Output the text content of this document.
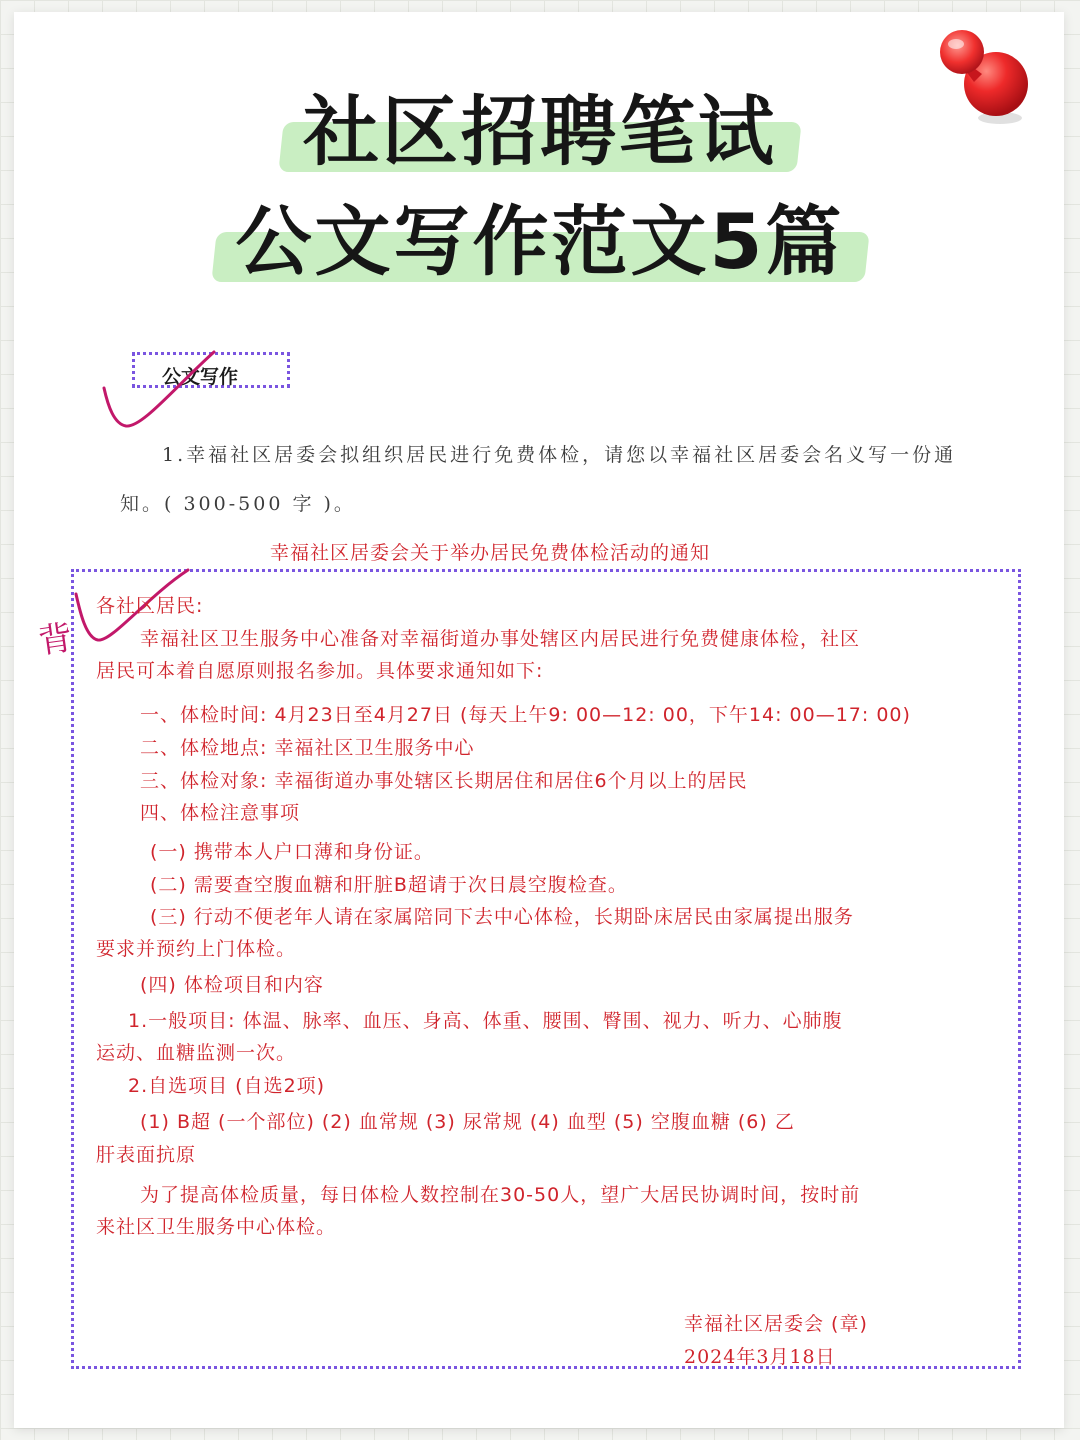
社区招聘笔试
公文写作范文5篇
公文写作
1.幸福社区居委会拟组织居民进行免费体检，请您以幸福社区居委会名义写一份通
知。( 300-500 字 )。
幸福社区居委会关于举办居民免费体检活动的通知
背
各社区居民:
幸福社区卫生服务中心准备对幸福街道办事处辖区内居民进行免费健康体检，社区
居民可本着自愿原则报名参加。具体要求通知如下:
一、体检时间: 4月23日至4月27日 (每天上午9: 00—12: 00，下午14: 00—17: 00)
二、体检地点: 幸福社区卫生服务中心
三、体检对象: 幸福街道办事处辖区长期居住和居住6个月以上的居民
四、体检注意事项
(一) 携带本人户口薄和身份证。
(二) 需要查空腹血糖和肝脏B超请于次日晨空腹检查。
(三) 行动不便老年人请在家属陪同下去中心体检，长期卧床居民由家属提出服务
要求并预约上门体检。
(四) 体检项目和内容
1.一般项目: 体温、脉率、血压、身高、体重、腰围、臀围、视力、听力、心肺腹
运动、血糖监测一次。
2.自选项目 (自选2项)
(1) B超 (一个部位) (2) 血常规 (3) 尿常规 (4) 血型 (5) 空腹血糖 (6) 乙
肝表面抗原
为了提高体检质量，每日体检人数控制在30-50人，望广大居民协调时间，按时前
来社区卫生服务中心体检。
幸福社区居委会 (章)
2024年3月18日
